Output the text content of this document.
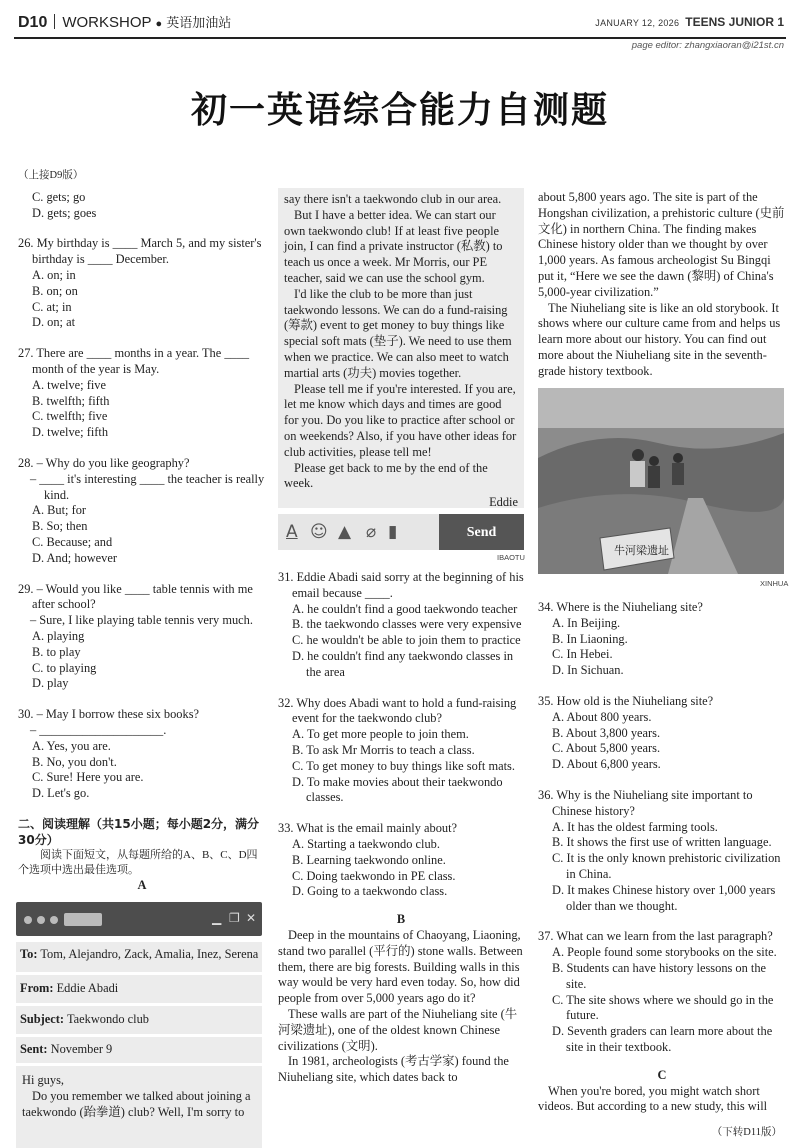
D10 WORKSHOP ● 英语加油站	JANUARY 12, 2026 TEENS JUNIOR 1
page editor: zhangxiaoran@i21st.cn
初一英语综合能力自测题

（上接D9版）

C. gets; go
D. gets; goes
26. My birthday is ____ March 5, and my sister's birthday is ____ December.
A. on; in
B. on; on
C. at; in
D. on; at
27. There are ____ months in a year. The ____ month of the year is May.
A. twelve; five
B. twelfth; fifth
C. twelfth; five
D. twelve; fifth
28. – Why do you like geography?
– ____ it's interesting ____ the teacher is really kind.
A. But; for
B. So; then
C. Because; and
D. And; however
29. – Would you like ____ table tennis with me after school?
– Sure, I like playing table tennis very much.
A. playing
B. to play
C. to playing
D. play
30. – May I borrow these six books?
– ____________________.
A. Yes, you are.
B. No, you don't.
C. Sure! Here you are.
D. Let's go.
二、阅读理解（共15小题；每小题2分，满分30分）
阅读下面短文，从每题所给的A、B、C、D四个选项中选出最佳选项。
A
▁ ❐ ✕
To: Tom, Alejandro, Zack, Amalia, Inez, Serena
From: Eddie Abadi
Subject: Taekwondo club
Sent: November 9
Hi guys,
Do you remember we talked about joining a taekwondo (跆拳道) club? Well, I'm sorry to
say there isn't a taekwondo club in our area.
But I have a better idea. We can start our own taekwondo club! If at least five people join, I can find a private instructor (私教) to teach us once a week. Mr Morris, our PE teacher, said we can use the school gym.
I'd like the club to be more than just taekwondo lessons. We can do a fund-raising (筹款) event to get money to buy things like special soft mats (垫子). We need to use them when we practice. We can also meet to watch martial arts (功夫) movies together.
Please tell me if you're interested. If you are, let me know which days and times are good for you. Do you like to practice after school or on weekends? Also, if you have other ideas for club activities, please tell me!
Please get back to me by the end of the week.
Eddie
A ☺ ▲ ⌀ ▮	Send
IBAOTU
31. Eddie Abadi said sorry at the beginning of his email because ____.
A. he couldn't find a good taekwondo teacher
B. the taekwondo classes were very expensive
C. he wouldn't be able to join them to practice
D. he couldn't find any taekwondo classes in the area
32. Why does Abadi want to hold a fund-raising event for the taekwondo club?
A. To get more people to join them.
B. To ask Mr Morris to teach a class.
C. To get money to buy things like soft mats.
D. To make movies about their taekwondo classes.
33. What is the email mainly about?
A. Starting a taekwondo club.
B. Learning taekwondo online.
C. Doing taekwondo in PE class.
D. Going to a taekwondo class.
B
Deep in the mountains of Chaoyang, Liaoning, stand two parallel (平行的) stone walls. Between them, there are big forests. Building walls in this way would be very hard even today. So, how did people from over 5,000 years ago do it?
These walls are part of the Niuheliang site (牛河梁遗址), one of the oldest known Chinese civilizations (文明).
In 1981, archeologists (考古学家) found the Niuheliang site, which dates back to
about 5,800 years ago. The site is part of the Hongshan civilization, a prehistoric culture (史前文化) in northern China. The finding makes Chinese history older than we thought by over 1,000 years. As famous archeologist Su Bingqi put it, “Here we see the dawn (黎明) of China's 5,000-year civilization.”
The Niuheliang site is like an old storybook. It shows where our culture came from and helps us learn more about our history. You can find out more about the Niuheliang site in the seventh-grade history textbook.
牛河梁遗址
XINHUA
34. Where is the Niuheliang site?
A. In Beijing.
B. In Liaoning.
C. In Hebei.
D. In Sichuan.
35. How old is the Niuheliang site?
A. About 800 years.
B. About 3,800 years.
C. About 5,800 years.
D. About 6,800 years.
36. Why is the Niuheliang site important to Chinese history?
A. It has the oldest farming tools.
B. It shows the first use of written language.
C. It is the only known prehistoric civilization in China.
D. It makes Chinese history over 1,000 years older than we thought.
37. What can we learn from the last paragraph?
A. People found some storybooks on the site.
B. Students can have history lessons on the site.
C. The site shows where we should go in the future.
D. Seventh graders can learn more about the site in their textbook.
C
When you're bored, you might watch short videos. But according to a new study, this will
（下转D11版）
